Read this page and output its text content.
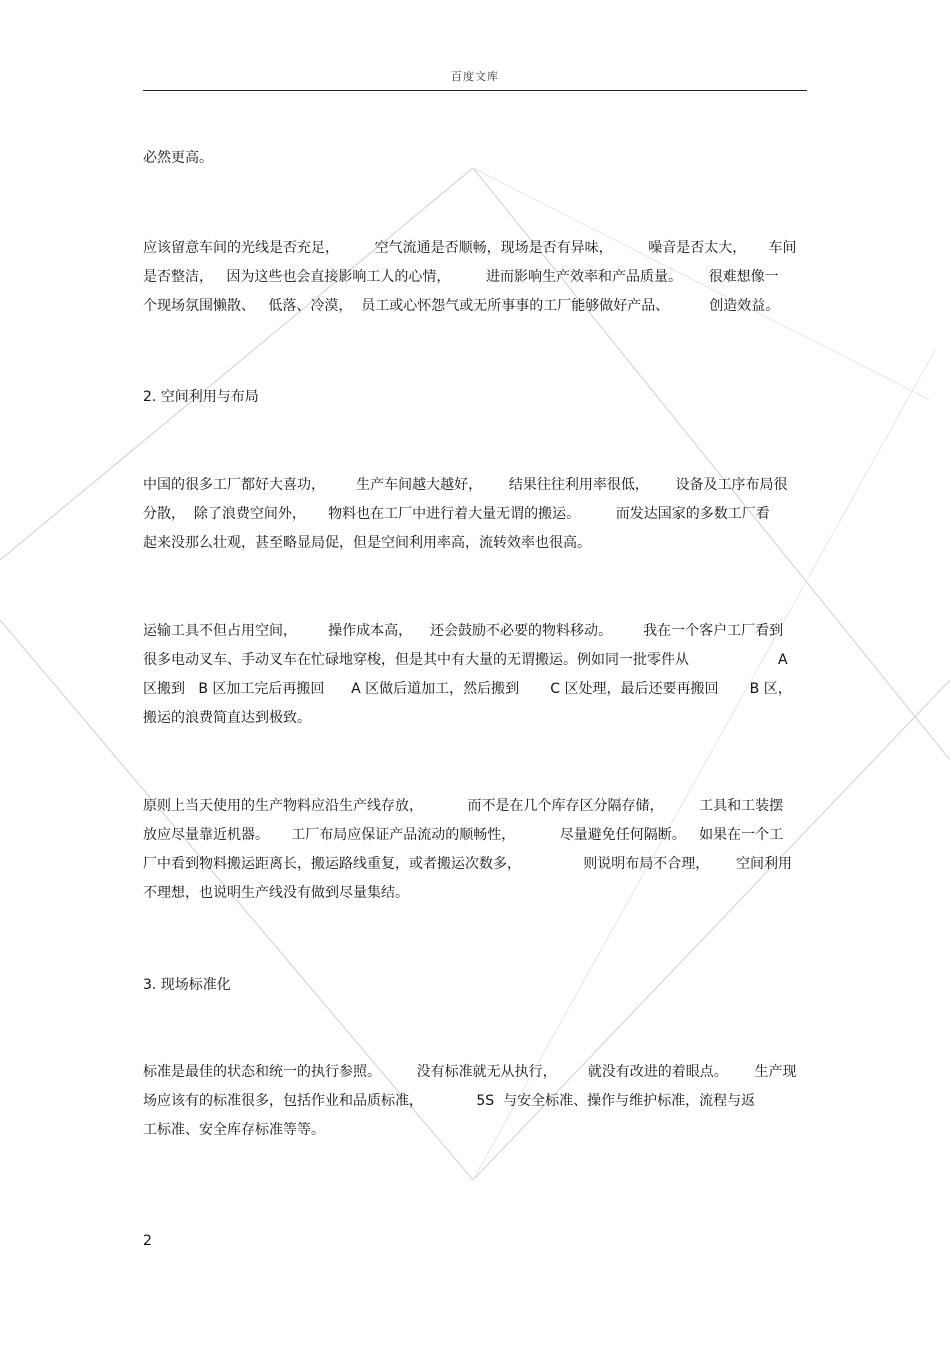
百度文库
必然更高。
应该留意车间的光线是否充足，        空气流通是否顺畅，现场是否有异味，        噪音是否太大，     车间
是否整洁，   因为这些也会直接影响工人的心情，        进而影响生产效率和产品质量。      很难想像一
个现场氛围懒散、   低落、冷漠，  员工或心怀怨气或无所事事的工厂能够做好产品、         创造效益。
2. 空间利用与布局
中国的很多工厂都好大喜功，       生产车间越大越好，      结果往往利用率很低，      设备及工序布局很
分散，  除了浪费空间外，     物料也在工厂中进行着大量无谓的搬运。        而发达国家的多数工厂看
起来没那么壮观，甚至略显局促，但是空间利用率高，流转效率也很高。
运输工具不但占用空间，       操作成本高，    还会鼓励不必要的物料移动。       我在一个客户工厂看到
很多电动叉车、手动叉车在忙碌地穿梭，但是其中有大量的无谓搬运。例如同一批零件从                    A
区搬到   B 区加工完后再搬回      A 区做后道加工，然后搬到       C 区处理，最后还要再搬回       B 区，
搬运的浪费简直达到极致。
原则上当天使用的生产物料应沿生产线存放，          而不是在几个库存区分隔存储，        工具和工装摆
放应尽量靠近机器。     工厂布局应保证产品流动的顺畅性，          尽量避免任何隔断。   如果在一个工
厂中看到物料搬运距离长，搬运路线重复，或者搬运次数多，              则说明布局不合理，      空间利用
不理想，也说明生产线没有做到尽量集结。
3. 现场标准化
标准是最佳的状态和统一的执行参照。        没有标准就无从执行，       就没有改进的着眼点。      生产现
场应该有的标准很多，包括作业和品质标准，            5S  与安全标准、操作与维护标准，流程与返
工标准、安全库存标准等等。
2
